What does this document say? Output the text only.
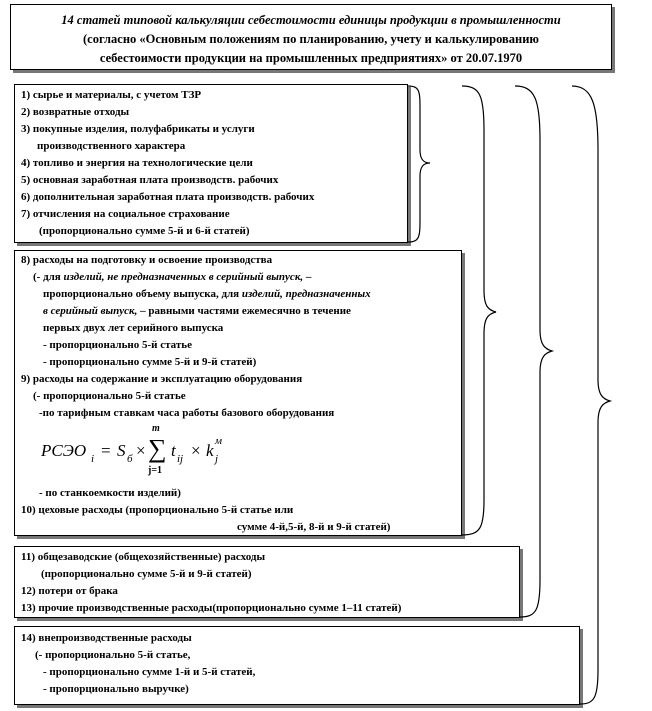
14 статей типовой калькуляции себестоимости единицы продукции в промышленности
(согласно «Основным положениям по планированию, учету и калькулированию
себестоимости продукции на промышленных предприятиях» от 20.07.1970
1) сырье и материалы, с учетом ТЗР
2) возвратные отходы
3) покупные изделия, полуфабрикаты и услуги
производственного характера
4) топливо и энергия на технологические цели
5) основная заработная плата производств. рабочих
6) дополнительная заработная плата производств. рабочих
7) отчисления на социальное страхование
(пропорционально сумме 5-й и 6-й статей)
8) расходы на подготовку и освоение производства
(- для изделий, не предназначенных в серийный выпуск, –
пропорционально объему выпуска, для изделий, предназначенных
в серийный выпуск, – равными частями ежемесячно в течение
первых двух лет серийного выпуска
- пропорционально 5-й статье
- пропорционально сумме 5-й и 9-й статей)
9) расходы на содержание и эксплуатацию оборудования
(- пропорционально 5-й статье
-по тарифным ставкам часа работы базового оборудования
РСЭО i = S б ×
m
∑
j=1
t ij × k м
j
- по станкоемкости изделий)
10) цеховые расходы (пропорционально 5-й статье или
сумме 4-й,5-й, 8-й и 9-й статей)
11) общезаводские (общехозяйственные) расходы
(пропорционально сумме 5-й и 9-й статей)
12) потери от брака
13) прочие производственные расходы(пропорционально сумме 1–11 статей)
14) внепроизводственные расходы
(- пропорционально 5-й статье,
- пропорционально сумме 1-й и 5-й статей,
- пропорционально выручке)
